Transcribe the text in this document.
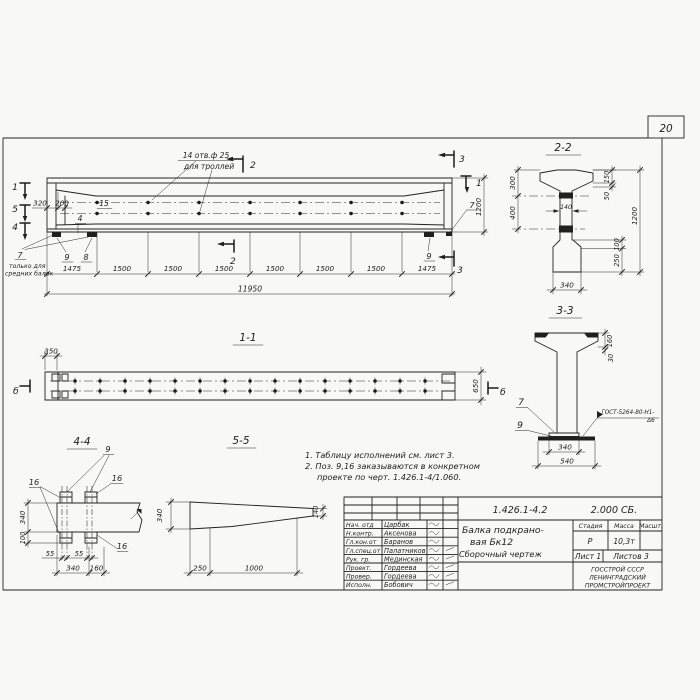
20
1475	1500	1500	1500	1500	1500	1500	1475
11950
320 200	1200
1
5
4
1
2
2
3
3
14 отв.ф 25
для троллей
15
4
7
только для
средних балок
9 8	9
7
1-1
350
650
б	б
2-2
300
400
150
50
140	1200
100
250
340
3-3
160
30
7
9
ГОСТ-5264-80-Н1-
Δ6
340
540
4-4
9
340
100
55	55
340 160
16	16
16
5-5
340	140
250	1000
1. Таблицу исполнений см. лист 3.
2. Поз. 9,16 заказываются в конкретном
проекте по черт. 1.426.1-4/1.060.
1.426.1-4.2	2.000 СБ.
Балка подкрано-
вая Бк12
Сборочный чертеж
Стадия Масса Масшт.
Р	10,3т
Лист 1 Листов 3
ГОССТРОЙ СССР
ЛЕНИНГРАДСКИЙ
ПРОМСТРОЙПРОЕКТ
Нач. отд Царбак
Н.контр. Аксенова
Гл.кон.от Баранов
Гл.спец.от Палатников
Рук. гр. Мединская
Проект. Гордеева
Провер. Гордеева
Исполн. Бобович
